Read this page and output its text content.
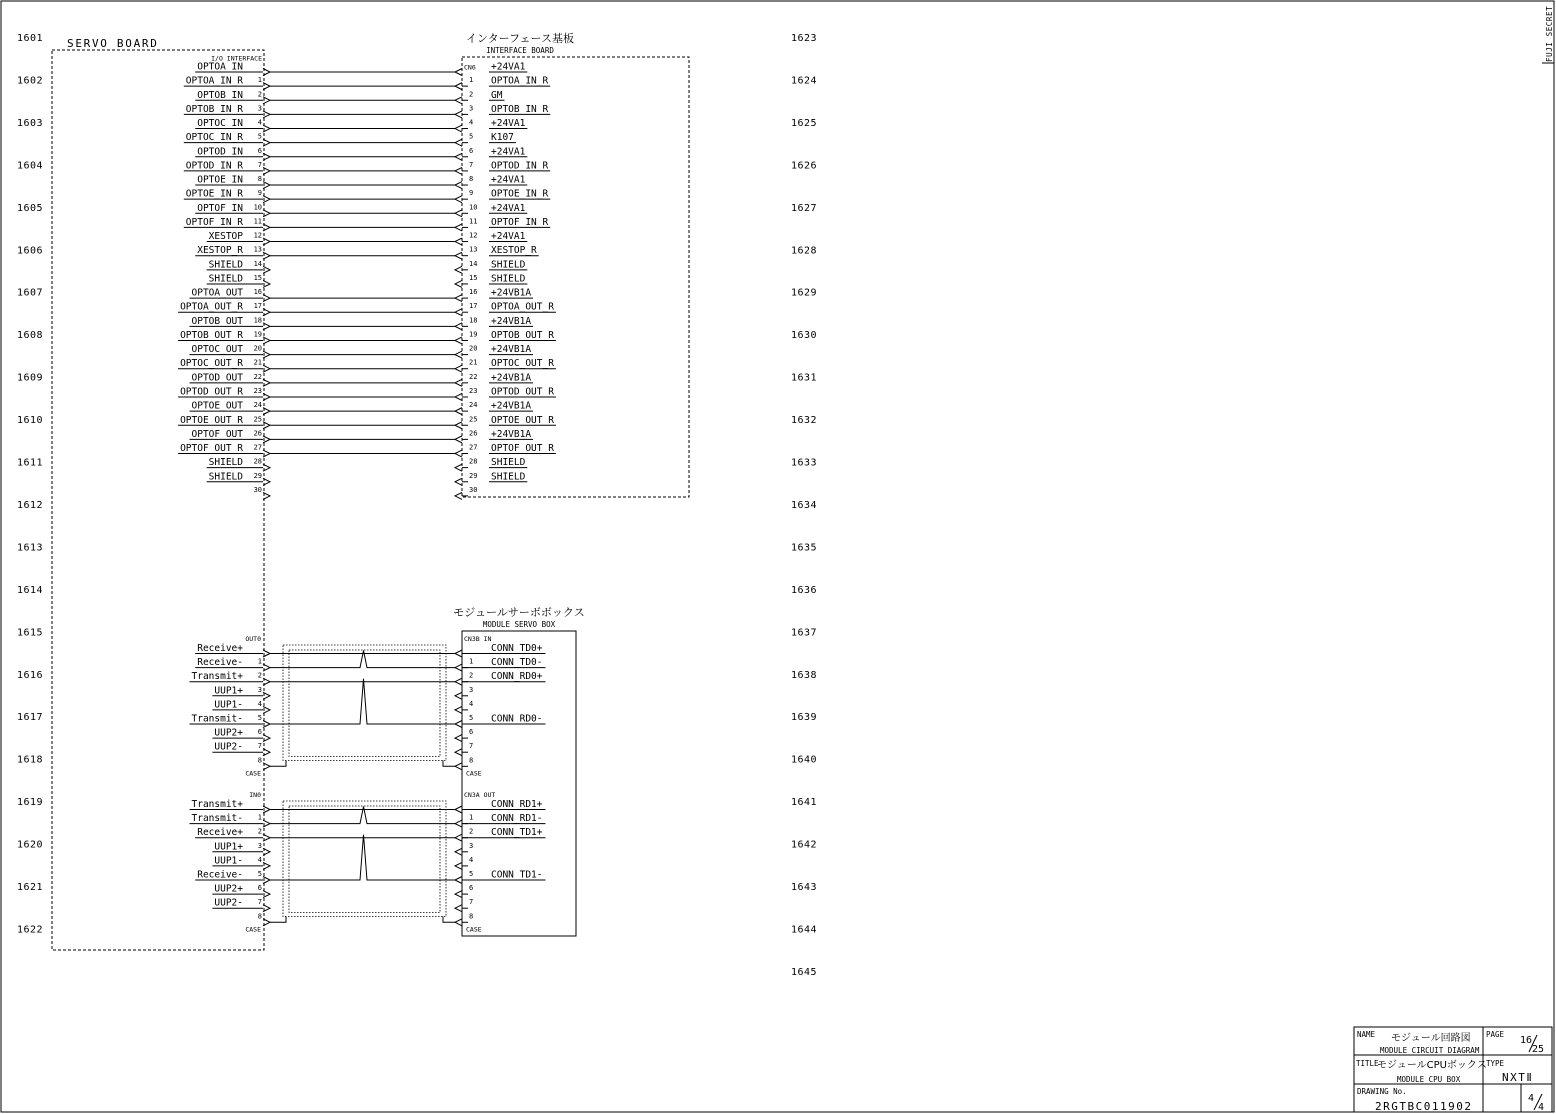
FUJI SECRET
1601
1602
1603
1604
1605
1606
1607
1608
1609
1610
1611
1612
1613
1614
1615
1616
1617
1618
1619
1620
1621
1622
1623
1624
1625
1626
1627
1628
1629
1630
1631
1632
1633
1634
1635
1636
1637
1638
1639
1640
1641
1642
1643
1644
1645
SERVO BOARD
I/O INTERFACE
インターフェース基板
INTERFACE BOARD
CN6
OPTOA_IN	+24VA1
OPTOA_IN_R 1	1 OPTOA_IN_R
OPTOB_IN 2	2 GM
OPTOB_IN_R 3	3 OPTOB_IN_R
OPTOC_IN 4	4 +24VA1
OPTOC_IN_R 5	5 K107
OPTOD_IN 6	6 +24VA1
OPTOD_IN_R 7	7 OPTOD_IN_R
OPTOE_IN 8	8 +24VA1
OPTOE_IN_R 9	9 OPTOE_IN_R
OPTOF_IN 10	10 +24VA1
OPTOF_IN_R 11	11 OPTOF_IN_R
XESTOP 12	12 +24VA1
XESTOP_R 13	13 XESTOP_R
SHIELD 14	14 SHIELD
SHIELD 15	15 SHIELD
OPTOA_OUT 16	16 +24VB1A
OPTOA_OUT_R 17	17 OPTOA_OUT_R
OPTOB_OUT 18	18 +24VB1A
OPTOB_OUT_R 19	19 OPTOB_OUT_R
OPTOC_OUT 20	20 +24VB1A
OPTOC_OUT_R 21	21 OPTOC_OUT_R
OPTOD_OUT 22	22 +24VB1A
OPTOD_OUT_R 23	23 OPTOD_OUT_R
OPTOE_OUT 24	24 +24VB1A
OPTOE_OUT_R 25	25 OPTOE_OUT_R
OPTOF_OUT 26	26 +24VB1A
OPTOF_OUT_R 27	27 OPTOF_OUT_R
SHIELD 28	28 SHIELD
SHIELD 29	29 SHIELD
30	30
モジュールサーボボックス
MODULE SERVO BOX
OUT0	CN3B IN
Receive+	CONN_TD0+
Receive- 1	1 CONN_TD0-
Transmit+ 2	2 CONN_RD0+
UUP1+ 3	3
UUP1- 4	4
Transmit- 5	5 CONN_RD0-
UUP2+ 6	6
UUP2- 7	7
8	8
CASE	CASE
IN0	CN3A OUT
Transmit+	CONN_RD1+
Transmit- 1	1 CONN_RD1-
Receive+ 2	2 CONN_TD1+
UUP1+ 3	3
UUP1- 4	4
Receive- 5	5 CONN_TD1-
UUP2+ 6	6
UUP2- 7	7
8	8
CASE	CASE
NAME モジュール回路図
MODULE CIRCUIT DIAGRAM
PAGE
16
25
TITLE
モジュールCPUボックス
MODULE CPU BOX
TYPE
NXTⅡ
DRAWING No.
2RGTBC011902
4
4
